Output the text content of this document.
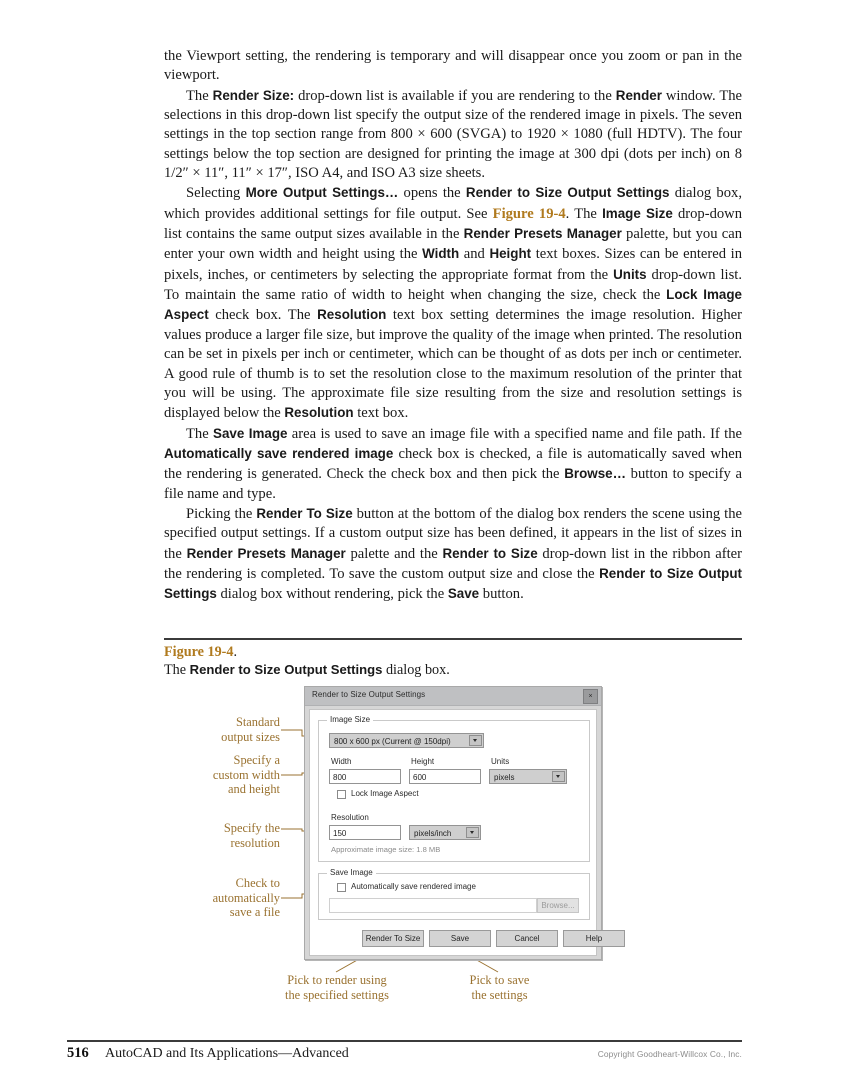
the Viewport setting, the rendering is temporary and will disappear once you zoom or pan in the viewport.

The Render Size: drop-down list is available if you are rendering to the Render window. The selections in this drop-down list specify the output size of the rendered image in pixels. The seven settings in the top section range from 800 × 600 (SVGA) to 1920 × 1080 (full HDTV). The four settings below the top section are designed for printing the image at 300 dpi (dots per inch) on 8 1/2″ × 11″, 11″ × 17″, ISO A4, and ISO A3 size sheets.

Selecting More Output Settings… opens the Render to Size Output Settings dialog box, which provides additional settings for file output. See Figure 19-4. The Image Size drop-down list contains the same output sizes available in the Render Presets Manager palette, but you can enter your own width and height using the Width and Height text boxes. Sizes can be entered in pixels, inches, or centimeters by selecting the appropriate format from the Units drop-down list. To maintain the same ratio of width to height when changing the size, check the Lock Image Aspect check box. The Resolution text box setting determines the image resolution. Higher values produce a larger file size, but improve the quality of the image when printed. The resolution can be set in pixels per inch or centimeter, which can be thought of as dots per inch or centimeter. A good rule of thumb is to set the resolution close to the maximum resolution of the printer that you will be using. The approximate file size resulting from the size and resolution settings is displayed below the Resolution text box.

The Save Image area is used to save an image file with a specified name and file path. If the Automatically save rendered image check box is checked, a file is automatically saved when the rendering is generated. Check the check box and then pick the Browse… button to specify a file name and type.

Picking the Render To Size button at the bottom of the dialog box renders the scene using the specified output settings. If a custom output size has been defined, it appears in the list of sizes in the Render Presets Manager palette and the Render to Size drop-down list in the ribbon after the rendering is completed. To save the custom output size and close the Render to Size Output Settings dialog box without rendering, pick the Save button.

Figure 19-4.
The Render to Size Output Settings dialog box.
Standard
output sizes
Specify a
custom width
and height
Specify the
resolution
Check to
automatically
save a file
Pick to render using
the specified settings
Pick to save
the settings
Render to Size Output Settings	×
Image Size
800 x 600 px (Current @ 150dpi)
Width	Height	Units
800	600	pixels
Lock Image Aspect
Resolution
150	pixels/inch
Approximate image size: 1.8 MB
Save Image
Automatically save rendered image
Browse...
Render To Size	Save	Cancel	Help
516 AutoCAD and Its Applications—Advanced	Copyright Goodheart-Willcox Co., Inc.
